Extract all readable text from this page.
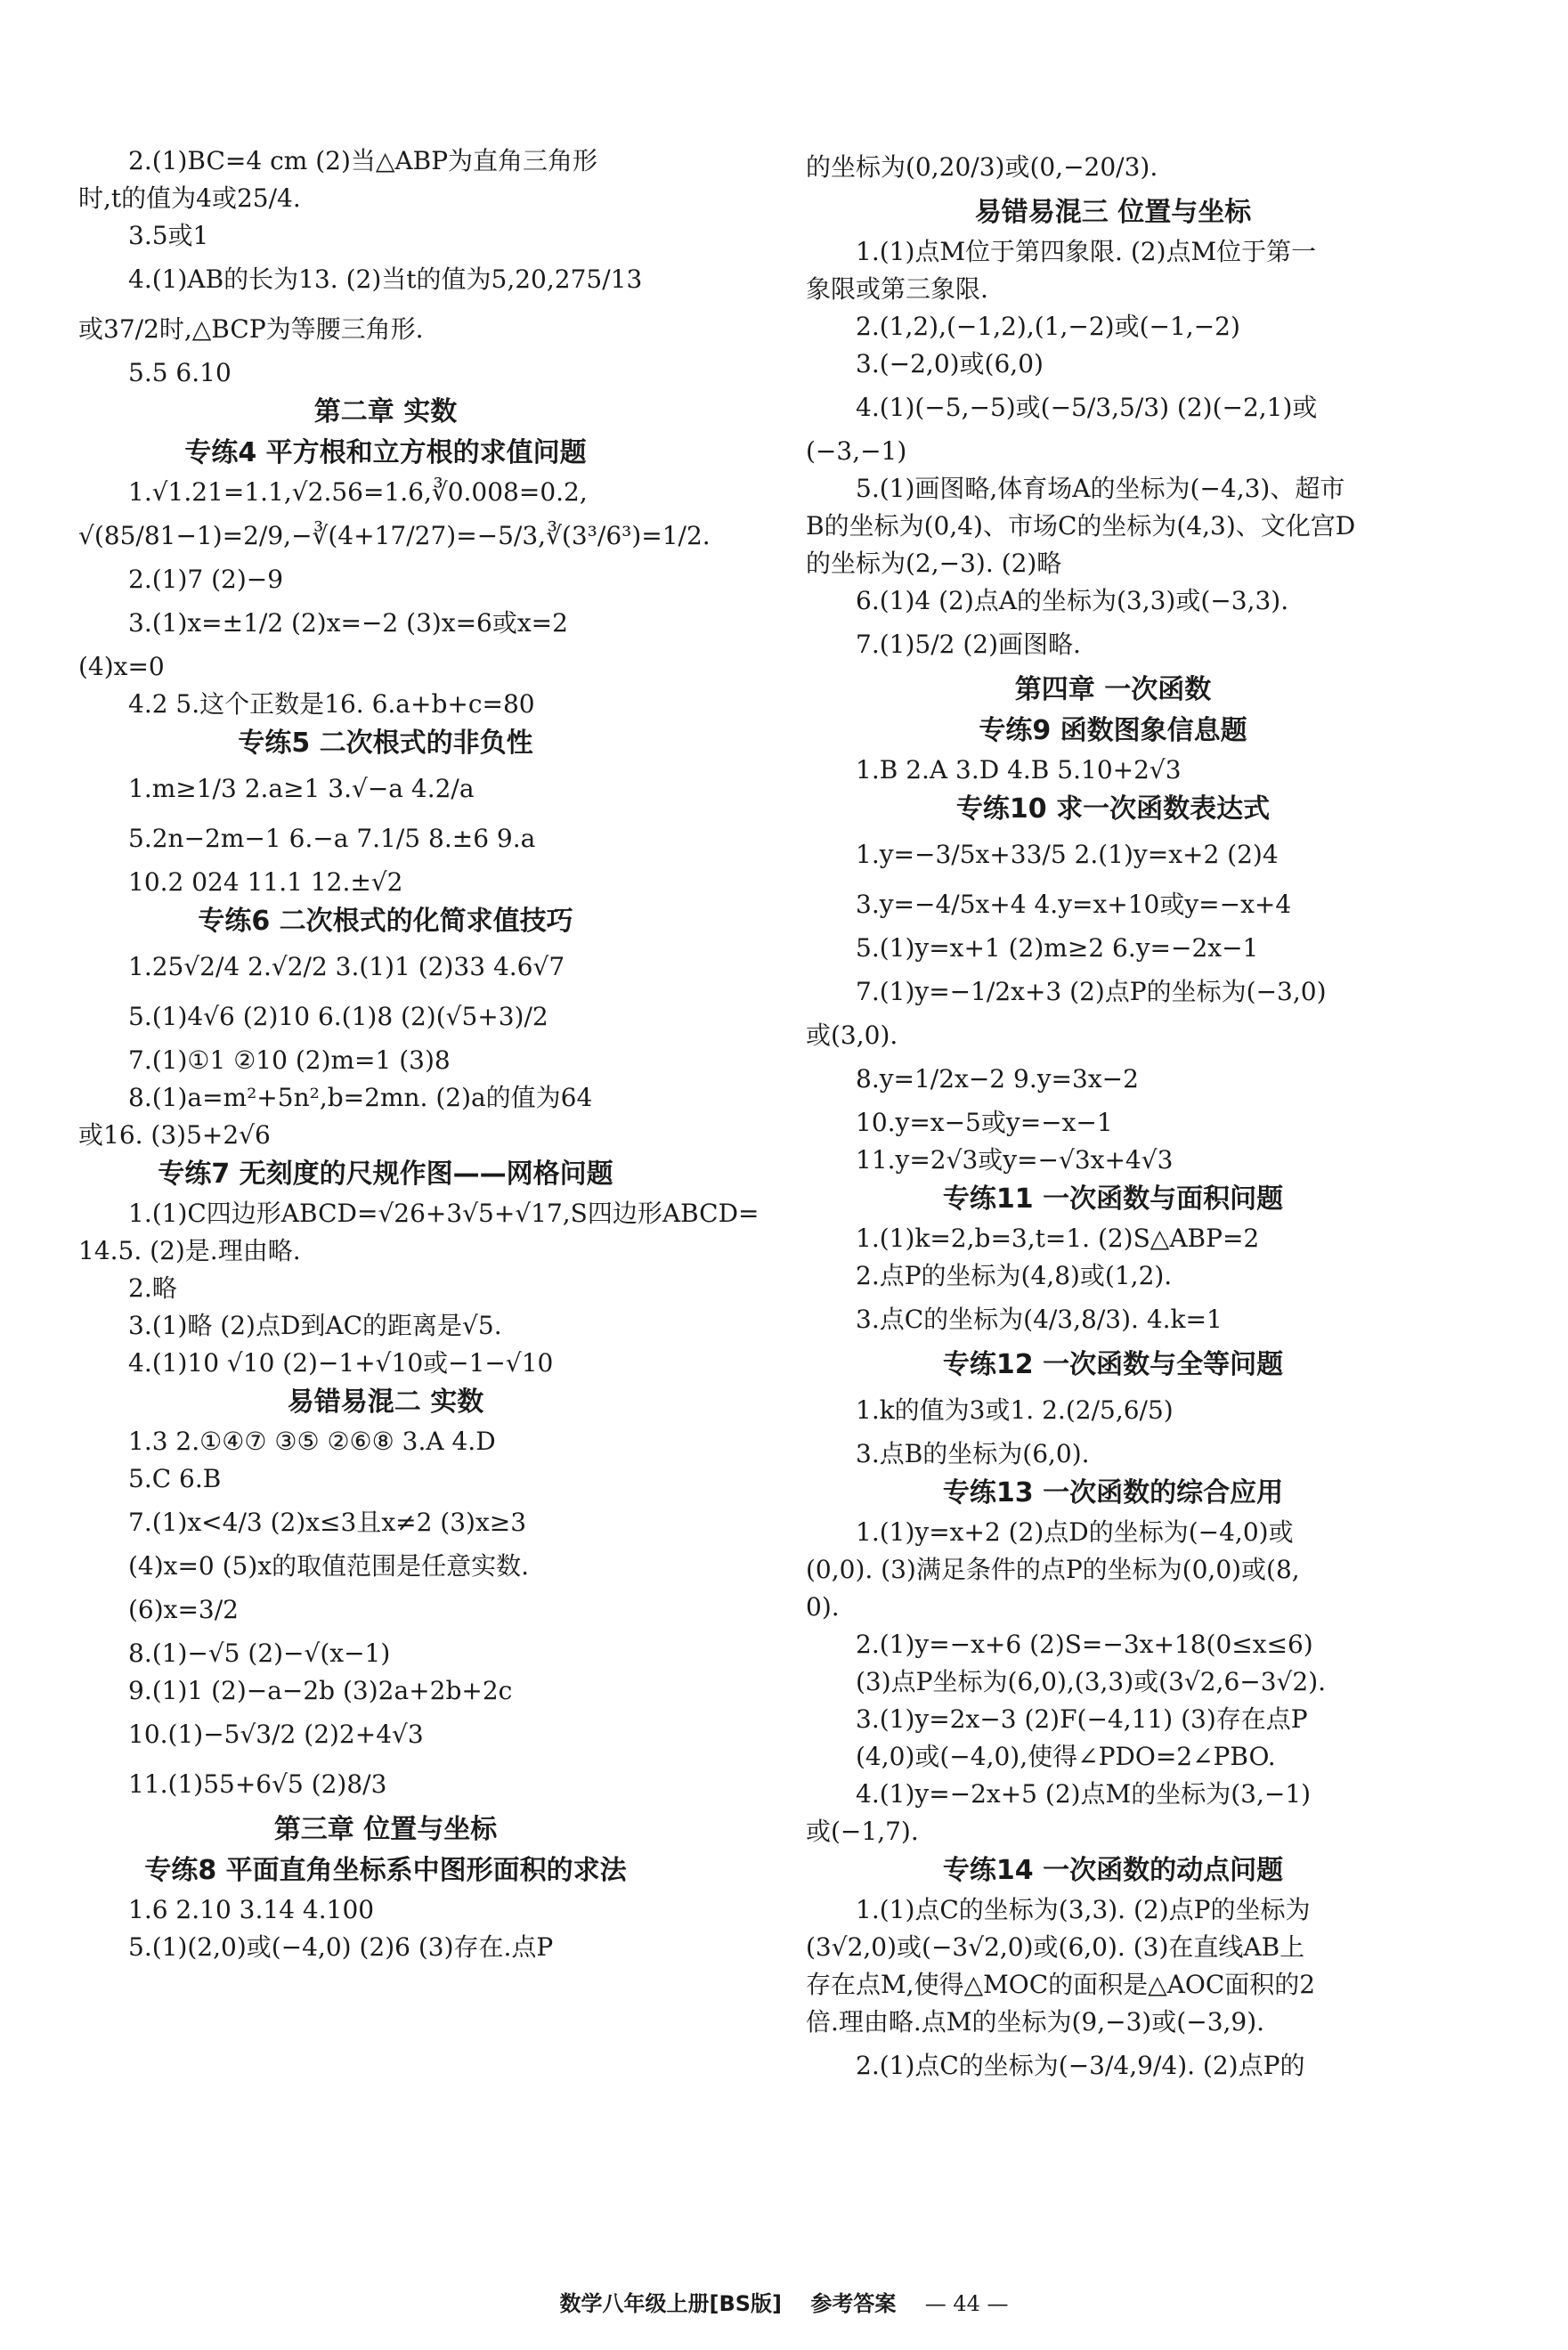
2.(1)BC=4 cm (2)当△ABP为直角三角形
时,t的值为4或25/4.
3.5或1
4.(1)AB的长为13. (2)当t的值为5,20,275/13
或37/2时,△BCP为等腰三角形.
5.5 6.10
第二章 实数
专练4 平方根和立方根的求值问题
1.√1.21=1.1,√2.56=1.6,∛0.008=0.2,
√(85/81−1)=2/9,−∛(4+17/27)=−5/3,∛(3³/6³)=1/2.
2.(1)7 (2)−9
3.(1)x=±1/2 (2)x=−2 (3)x=6或x=2
(4)x=0
4.2 5.这个正数是16. 6.a+b+c=80
专练5 二次根式的非负性
1.m≥1/3 2.a≥1 3.√−a 4.2/a
5.2n−2m−1 6.−a 7.1/5 8.±6 9.a
10.2 024 11.1 12.±√2
专练6 二次根式的化简求值技巧
1.25√2/4 2.√2/2 3.(1)1 (2)33 4.6√7
5.(1)4√6 (2)10 6.(1)8 (2)(√5+3)/2
7.(1)①1 ②10 (2)m=1 (3)8
8.(1)a=m²+5n²,b=2mn. (2)a的值为64
或16. (3)5+2√6
专练7 无刻度的尺规作图——网格问题
1.(1)C四边形ABCD=√26+3√5+√17,S四边形ABCD=
14.5. (2)是.理由略.
2.略
3.(1)略 (2)点D到AC的距离是√5.
4.(1)10 √10 (2)−1+√10或−1−√10
易错易混二 实数
1.3 2.①④⑦ ③⑤ ②⑥⑧ 3.A 4.D
5.C 6.B
7.(1)x<4/3 (2)x≤3且x≠2 (3)x≥3
(4)x=0 (5)x的取值范围是任意实数.
(6)x=3/2
8.(1)−√5 (2)−√(x−1)
9.(1)1 (2)−a−2b (3)2a+2b+2c
10.(1)−5√3/2 (2)2+4√3
11.(1)55+6√5 (2)8/3
第三章 位置与坐标
专练8 平面直角坐标系中图形面积的求法
1.6 2.10 3.14 4.100
5.(1)(2,0)或(−4,0) (2)6 (3)存在.点P
的坐标为(0,20/3)或(0,−20/3).
易错易混三 位置与坐标
1.(1)点M位于第四象限. (2)点M位于第一
象限或第三象限.
2.(1,2),(−1,2),(1,−2)或(−1,−2)
3.(−2,0)或(6,0)
4.(1)(−5,−5)或(−5/3,5/3) (2)(−2,1)或
(−3,−1)
5.(1)画图略,体育场A的坐标为(−4,3)、超市
B的坐标为(0,4)、市场C的坐标为(4,3)、文化宫D
的坐标为(2,−3). (2)略
6.(1)4 (2)点A的坐标为(3,3)或(−3,3).
7.(1)5/2 (2)画图略.
第四章 一次函数
专练9 函数图象信息题
1.B 2.A 3.D 4.B 5.10+2√3
专练10 求一次函数表达式
1.y=−3/5x+33/5 2.(1)y=x+2 (2)4
3.y=−4/5x+4 4.y=x+10或y=−x+4
5.(1)y=x+1 (2)m≥2 6.y=−2x−1
7.(1)y=−1/2x+3 (2)点P的坐标为(−3,0)
或(3,0).
8.y=1/2x−2 9.y=3x−2
10.y=x−5或y=−x−1
11.y=2√3或y=−√3x+4√3
专练11 一次函数与面积问题
1.(1)k=2,b=3,t=1. (2)S△ABP=2
2.点P的坐标为(4,8)或(1,2).
3.点C的坐标为(4/3,8/3). 4.k=1
专练12 一次函数与全等问题
1.k的值为3或1. 2.(2/5,6/5)
3.点B的坐标为(6,0).
专练13 一次函数的综合应用
1.(1)y=x+2 (2)点D的坐标为(−4,0)或
(0,0). (3)满足条件的点P的坐标为(0,0)或(8,
0).
2.(1)y=−x+6 (2)S=−3x+18(0≤x≤6)
(3)点P坐标为(6,0),(3,3)或(3√2,6−3√2).
3.(1)y=2x−3 (2)F(−4,11) (3)存在点P
(4,0)或(−4,0),使得∠PDO=2∠PBO.
4.(1)y=−2x+5 (2)点M的坐标为(3,−1)
或(−1,7).
专练14 一次函数的动点问题
1.(1)点C的坐标为(3,3). (2)点P的坐标为
(3√2,0)或(−3√2,0)或(6,0). (3)在直线AB上
存在点M,使得△MOC的面积是△AOC面积的2
倍.理由略.点M的坐标为(9,−3)或(−3,9).
2.(1)点C的坐标为(−3/4,9/4). (2)点P的
数学八年级上册[BS版] 参考答案 — 44 —
